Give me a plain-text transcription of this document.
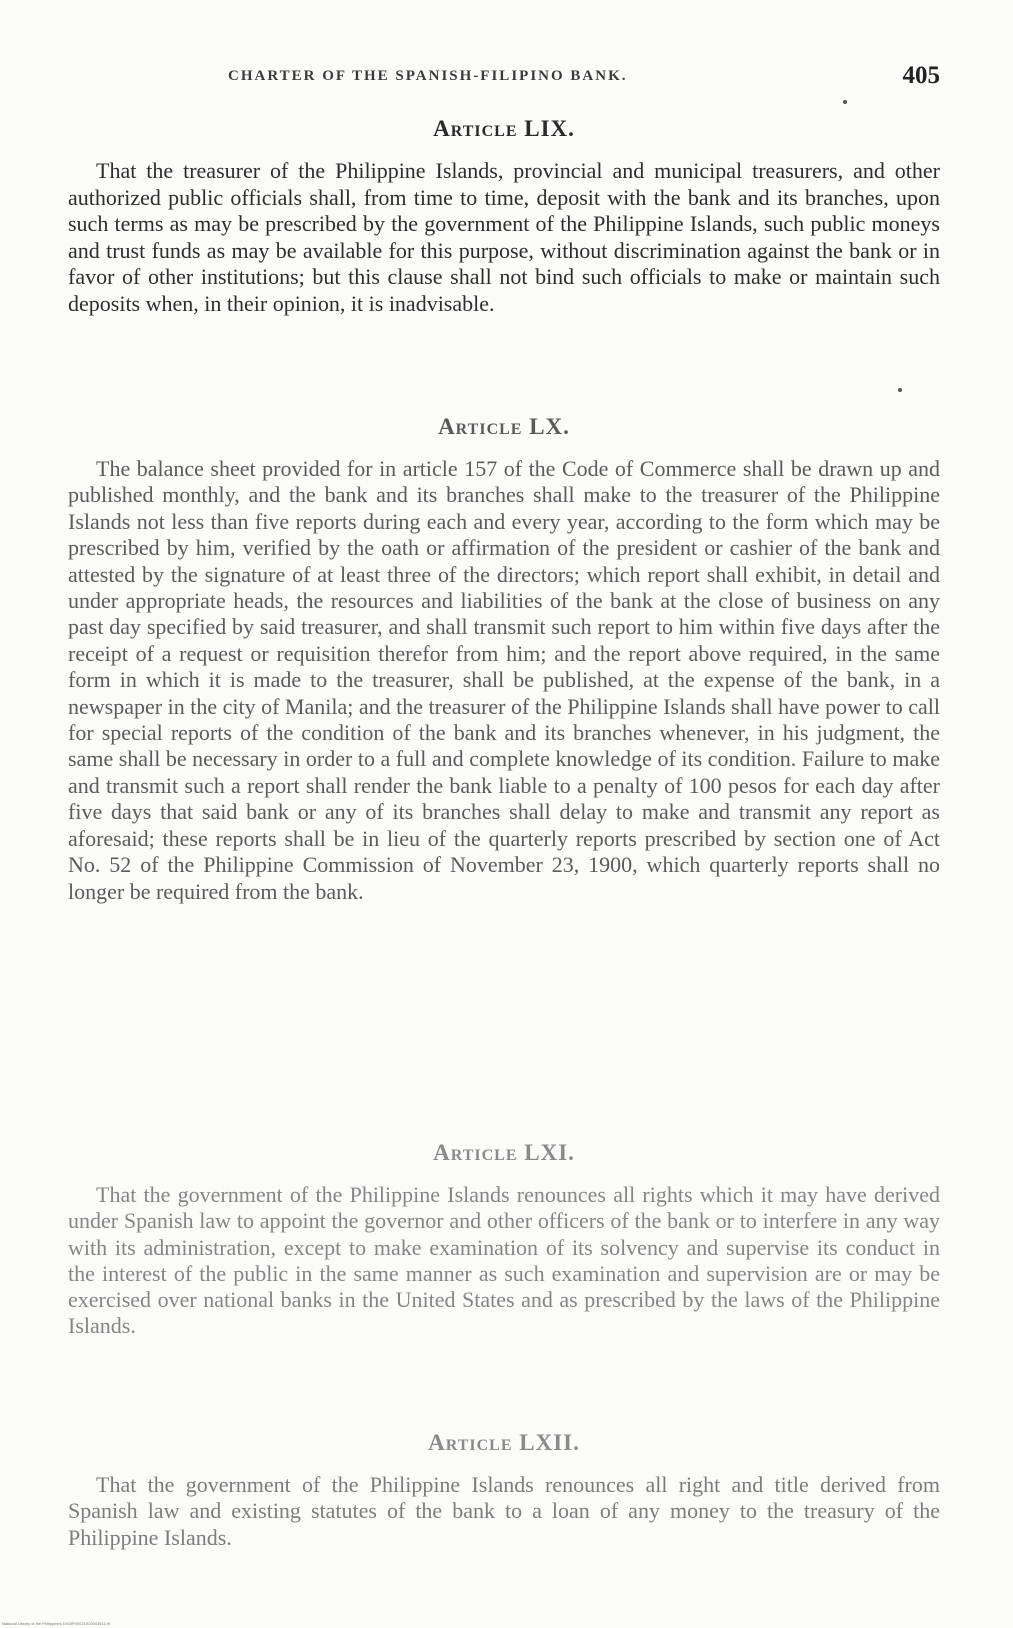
CHARTER OF THE SPANISH-FILIPINO BANK.	405
Article LIX.

That the treasurer of the Philippine Islands, provincial and municipal treasurers, and other authorized public officials shall, from time to time, deposit with the bank and its branches, upon such terms as may be prescribed by the government of the Philippine Islands, such public moneys and trust funds as may be available for this purpose, without discrimination against the bank or in favor of other institutions; but this clause shall not bind such officials to make or maintain such deposits when, in their opinion, it is inadvisable.

Article LX.

The balance sheet provided for in article 157 of the Code of Commerce shall be drawn up and published monthly, and the bank and its branches shall make to the treasurer of the Philippine Islands not less than five reports during each and every year, according to the form which may be prescribed by him, verified by the oath or affirmation of the president or cashier of the bank and attested by the signature of at least three of the directors; which report shall exhibit, in detail and under appropriate heads, the resources and liabilities of the bank at the close of business on any past day specified by said treasurer, and shall transmit such report to him within five days after the receipt of a request or requisition therefor from him; and the report above required, in the same form in which it is made to the treasurer, shall be published, at the expense of the bank, in a newspaper in the city of Manila; and the treasurer of the Philippine Islands shall have power to call for special reports of the condition of the bank and its branches whenever, in his judgment, the same shall be necessary in order to a full and complete knowledge of its condition. Failure to make and transmit such a report shall render the bank liable to a penalty of 100 pesos for each day after five days that said bank or any of its branches shall delay to make and transmit any report as aforesaid; these reports shall be in lieu of the quarterly reports prescribed by section one of Act No. 52 of the Philippine Commission of November 23, 1900, which quarterly reports shall no longer be required from the bank.

Article LXI.

That the government of the Philippine Islands renounces all rights which it may have derived under Spanish law to appoint the governor and other officers of the bank or to interfere in any way with its administration, except to make examination of its solvency and supervise its conduct in the interest of the public in the same manner as such examination and supervision are or may be exercised over national banks in the United States and as prescribed by the laws of the Philippine Islands.

Article LXII.

That the government of the Philippine Islands renounces all right and title derived from Spanish law and existing statutes of the bank to a loan of any money to the treasury of the Philippine Islands.

National Library of the Philippines DIG0P00021010041511.tif
